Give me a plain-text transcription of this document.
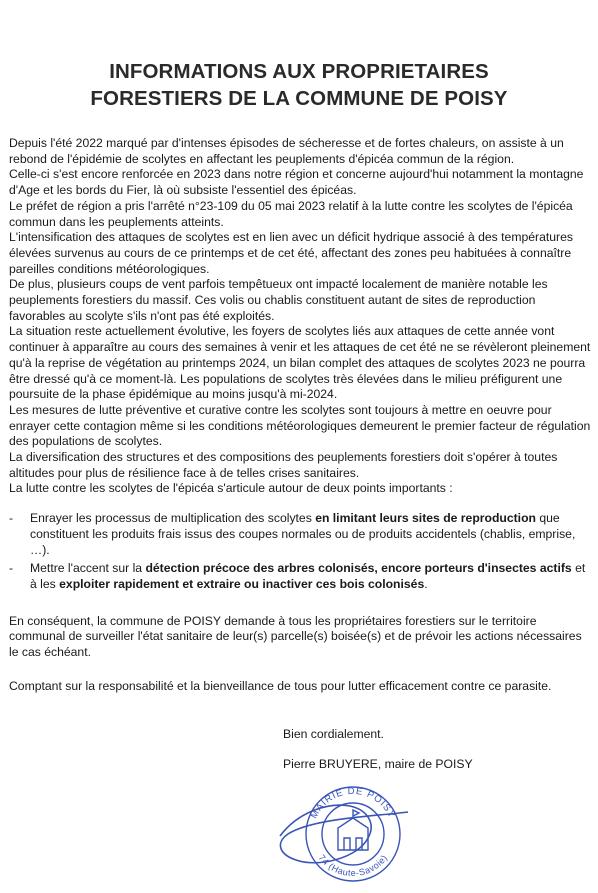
INFORMATIONS AUX PROPRIETAIRES
FORESTIERS DE LA COMMUNE DE POISY

Depuis l'été 2022 marqué par d'intenses épisodes de sécheresse et de fortes chaleurs, on assiste à un rebond de l'épidémie de scolytes en affectant les peuplements d'épicéa commun de la région.

Celle-ci s'est encore renforcée en 2023 dans notre région et concerne aujourd'hui notamment la montagne d'Age et les bords du Fier, là où subsiste l'essentiel des épicéas.

Le préfet de région a pris l'arrêté n°23-109 du 05 mai 2023 relatif à la lutte contre les scolytes de l'épicéa commun dans les peuplements atteints.

L'intensification des attaques de scolytes est en lien avec un déficit hydrique associé à des températures élevées survenus au cours de ce printemps et de cet été, affectant des zones peu habituées à connaître pareilles conditions météorologiques.

De plus, plusieurs coups de vent parfois tempêtueux ont impacté localement de manière notable les peuplements forestiers du massif. Ces volis ou chablis constituent autant de sites de reproduction favorables au scolyte s'ils n'ont pas été exploités.

La situation reste actuellement évolutive, les foyers de scolytes liés aux attaques de cette année vont continuer à apparaître au cours des semaines à venir et les attaques de cet été ne se révèleront pleinement qu'à la reprise de végétation au printemps 2024, un bilan complet des attaques de scolytes 2023 ne pourra être dressé qu'à ce moment-là. Les populations de scolytes très élevées dans le milieu préfigurent une poursuite de la phase épidémique au moins jusqu'à mi-2024.

Les mesures de lutte préventive et curative contre les scolytes sont toujours à mettre en oeuvre pour enrayer cette contagion même si les conditions météorologiques demeurent le premier facteur de régulation des populations de scolytes.

La diversification des structures et des compositions des peuplements forestiers doit s'opérer à toutes altitudes pour plus de résilience face à de telles crises sanitaires.

La lutte contre les scolytes de l'épicéa s'articule autour de deux points importants :

- Enrayer les processus de multiplication des scolytes en limitant leurs sites de reproduction que constituent les produits frais issus des coupes normales ou de produits accidentels (chablis, emprise, …).
- Mettre l'accent sur la détection précoce des arbres colonisés, encore porteurs d'insectes actifs et à les exploiter rapidement et extraire ou inactiver ces bois colonisés.

En conséquent, la commune de POISY demande à tous les propriétaires forestiers sur le territoire communal de surveiller l'état sanitaire de leur(s) parcelle(s) boisée(s) et de prévoir les actions nécessaires le cas échéant.

Comptant sur la responsabilité et la bienveillance de tous pour lutter efficacement contre ce parasite.

Bien cordialement.
Pierre BRUYERE, maire de POISY
MAIRIE DE POISY
74 (Haute-Savoie)
